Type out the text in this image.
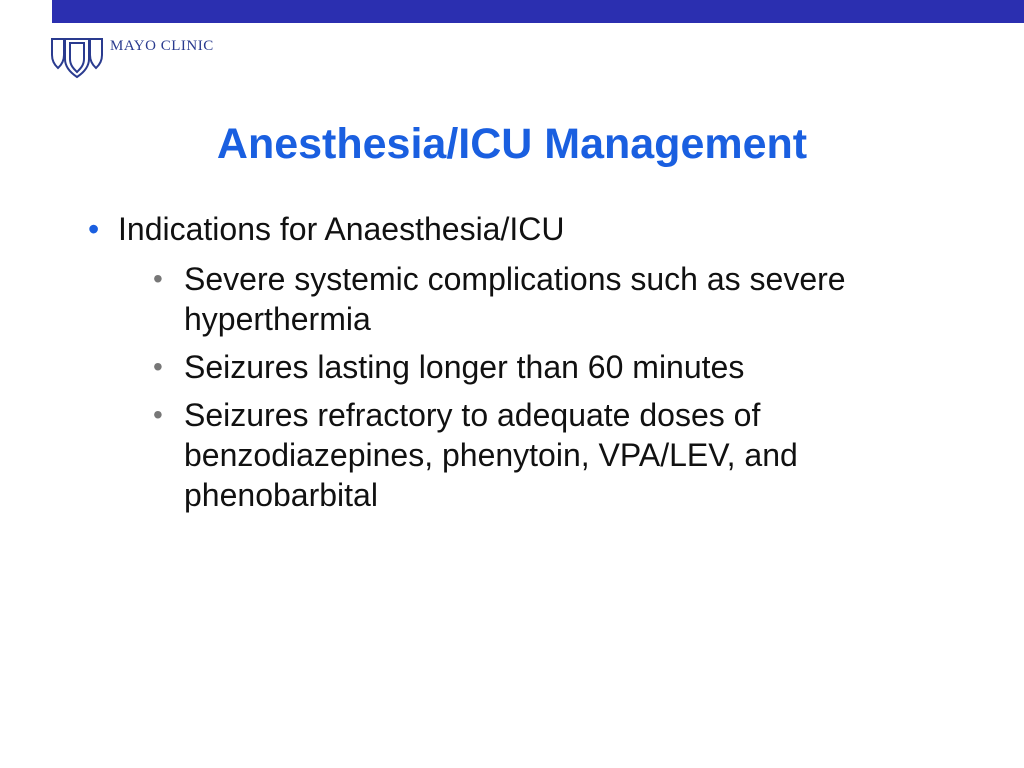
MAYO CLINIC
Anesthesia/ICU Management
• Indications for Anaesthesia/ICU
• Severe systemic complications such as severe hyperthermia
• Seizures lasting longer than 60 minutes
• Seizures refractory to adequate doses of benzodiazepines, phenytoin, VPA/LEV, and phenobarbital
